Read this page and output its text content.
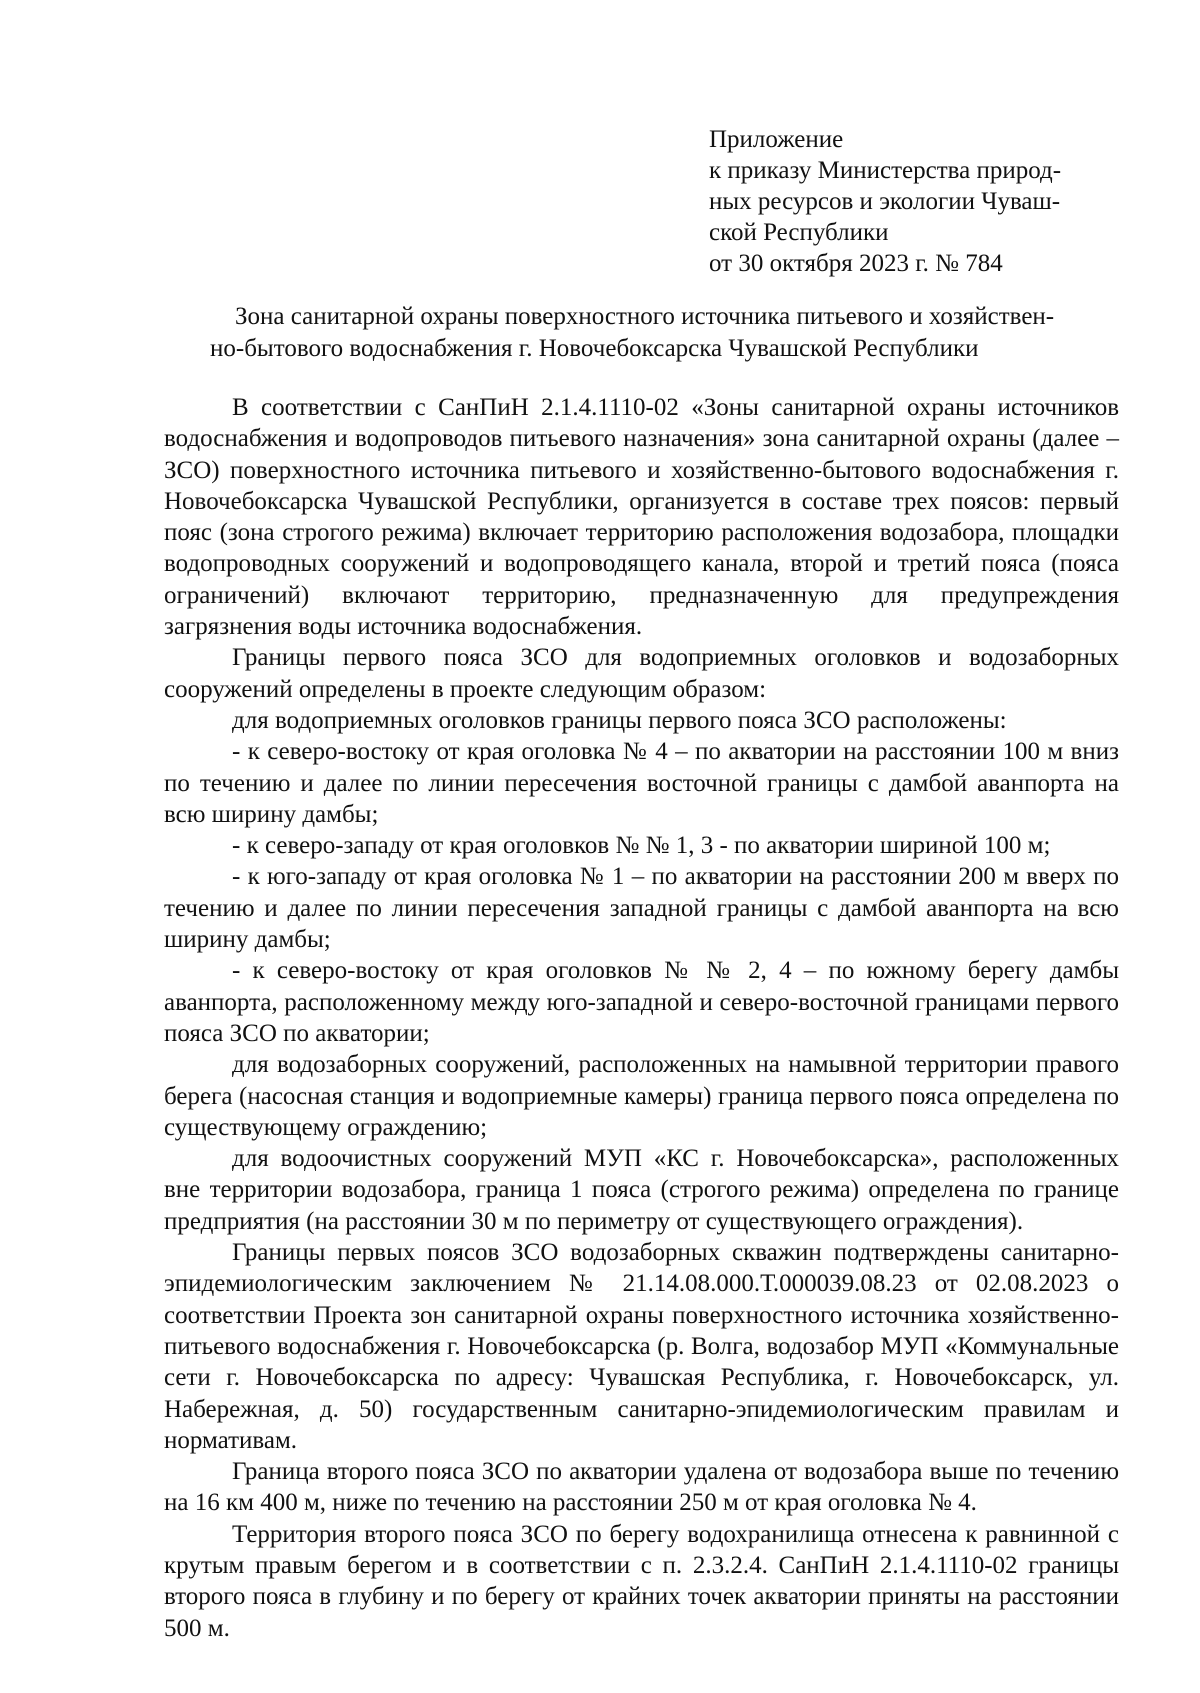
Приложение
к приказу Министерства природ-
ных ресурсов и экологии Чуваш-
ской Республики
от 30 октября 2023 г. № 784
Зона санитарной охраны поверхностного источника питьевого и хозяйствен-
но-бытового водоснабжения г. Новочебоксарска Чувашской Республики

В соответствии с СанПиН 2.1.4.1110-02 «Зоны санитарной охраны источников водоснабжения и водопроводов питьевого назначения» зона санитарной охраны (далее – ЗСО) поверхностного источника питьевого и хозяйственно-бытового водоснабжения г. Новочебоксарска Чувашской Республики, организуется в составе трех поясов: первый пояс (зона строгого режима) включает территорию расположения водозабора, площадки водопроводных сооружений и водопроводящего канала, второй и третий пояса (пояса ограничений) включают территорию, предназначенную для предупреждения загрязнения воды источника водоснабжения.

Границы первого пояса ЗСО для водоприемных оголовков и водозаборных сооружений определены в проекте следующим образом:

для водоприемных оголовков границы первого пояса ЗСО расположены:

- к северо-востоку от края оголовка № 4 – по акватории на расстоянии 100 м вниз по течению и далее по линии пересечения восточной границы с дамбой аванпорта на всю ширину дамбы;

- к северо-западу от края оголовков № № 1, 3 - по акватории шириной 100 м;

- к юго-западу от края оголовка № 1 – по акватории на расстоянии 200 м вверх по течению и далее по линии пересечения западной границы с дамбой аванпорта на всю ширину дамбы;

- к северо-востоку от края оголовков № № 2, 4 – по южному берегу дамбы аванпорта, расположенному между юго-западной и северо-восточной границами первого пояса ЗСО по акватории;

для водозаборных сооружений, расположенных на намывной территории правого берега (насосная станция и водоприемные камеры) граница первого пояса определена по существующему ограждению;

для водоочистных сооружений МУП «КС г. Новочебоксарска», расположенных вне территории водозабора, граница 1 пояса (строгого режима) определена по границе предприятия (на расстоянии 30 м по периметру от существующего ограждения).

Границы первых поясов ЗСО водозаборных скважин подтверждены санитарно-эпидемиологическим заключением № 21.14.08.000.Т.000039.08.23 от 02.08.2023 о соответствии Проекта зон санитарной охраны поверхностного источника хозяйственно-питьевого водоснабжения г. Новочебоксарска (р. Волга, водозабор МУП «Коммунальные сети г. Новочебоксарска по адресу: Чувашская Республика, г. Новочебоксарск, ул. Набережная, д. 50) государственным санитарно-эпидемиологическим правилам и нормативам.

Граница второго пояса ЗСО по акватории удалена от водозабора выше по течению на 16 км 400 м, ниже по течению на расстоянии 250 м от края оголовка № 4.

Территория второго пояса ЗСО по берегу водохранилища отнесена к равнинной с крутым правым берегом и в соответствии с п. 2.3.2.4. СанПиН 2.1.4.1110-02 границы второго пояса в глубину и по берегу от крайних точек акватории приняты на расстоянии 500 м.
